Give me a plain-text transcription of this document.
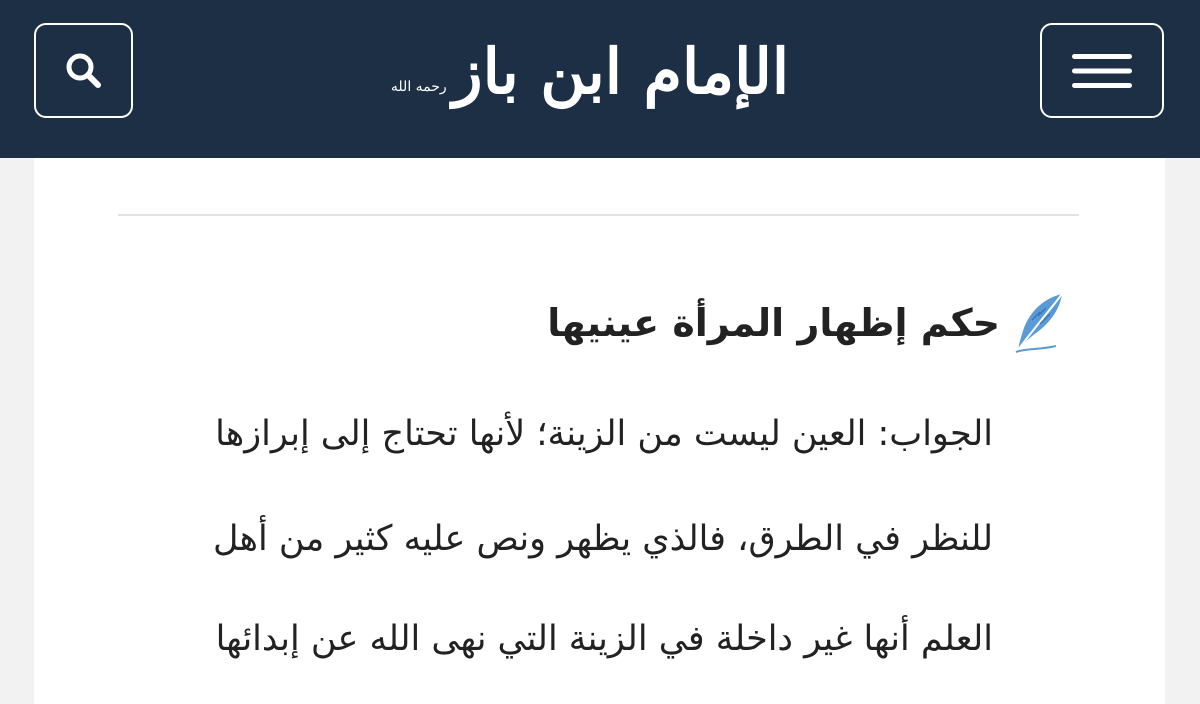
رحمه الله الإمام ابن باز
حكم إظهار المرأة عينيها
الجواب: العين ليست من الزينة؛ لأنها تحتاج إلى إبرازها
للنظر في الطرق، فالذي يظهر ونص عليه كثير من أهل
العلم أنها غير داخلة في الزينة التي نهى الله عن إبدائها
